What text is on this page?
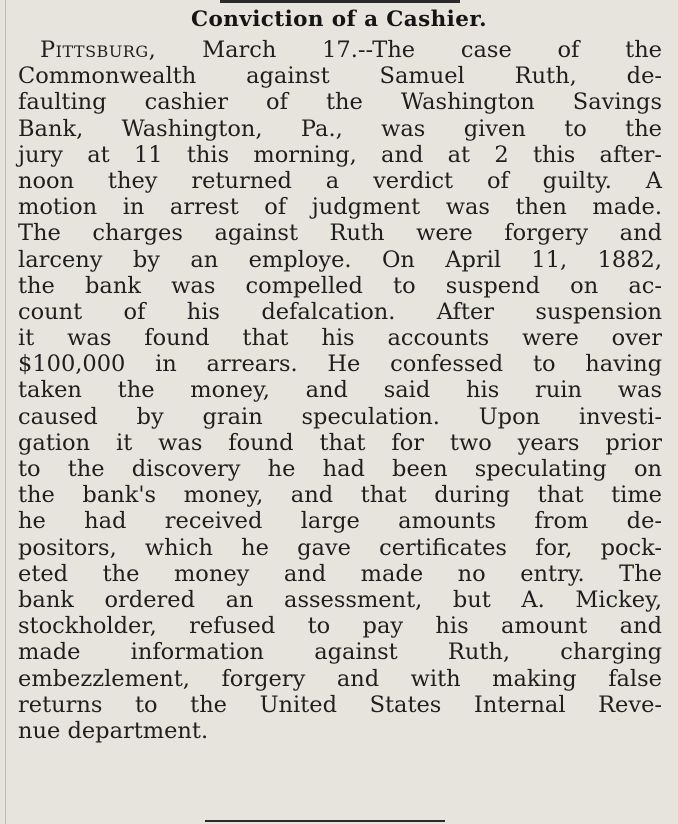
Conviction of a Cashier.
Pittsburg, March 17.--The case of the
Commonwealth against Samuel Ruth, de-
faulting cashier of the Washington Savings
Bank, Washington, Pa., was given to the
jury at 11 this morning, and at 2 this after-
noon they returned a verdict of guilty. A
motion in arrest of judgment was then made.
The charges against Ruth were forgery and
larceny by an employe. On April 11, 1882,
the bank was compelled to suspend on ac-
count of his defalcation. After suspension
it was found that his accounts were over
$100,000 in arrears. He confessed to having
taken the money, and said his ruin was
caused by grain speculation. Upon investi-
gation it was found that for two years prior
to the discovery he had been speculating on
the bank's money, and that during that time
he had received large amounts from de-
positors, which he gave certificates for, pock-
eted the money and made no entry. The
bank ordered an assessment, but A. Mickey,
stockholder, refused to pay his amount and
made information against Ruth, charging
embezzlement, forgery and with making false
returns to the United States Internal Reve-
nue department.
